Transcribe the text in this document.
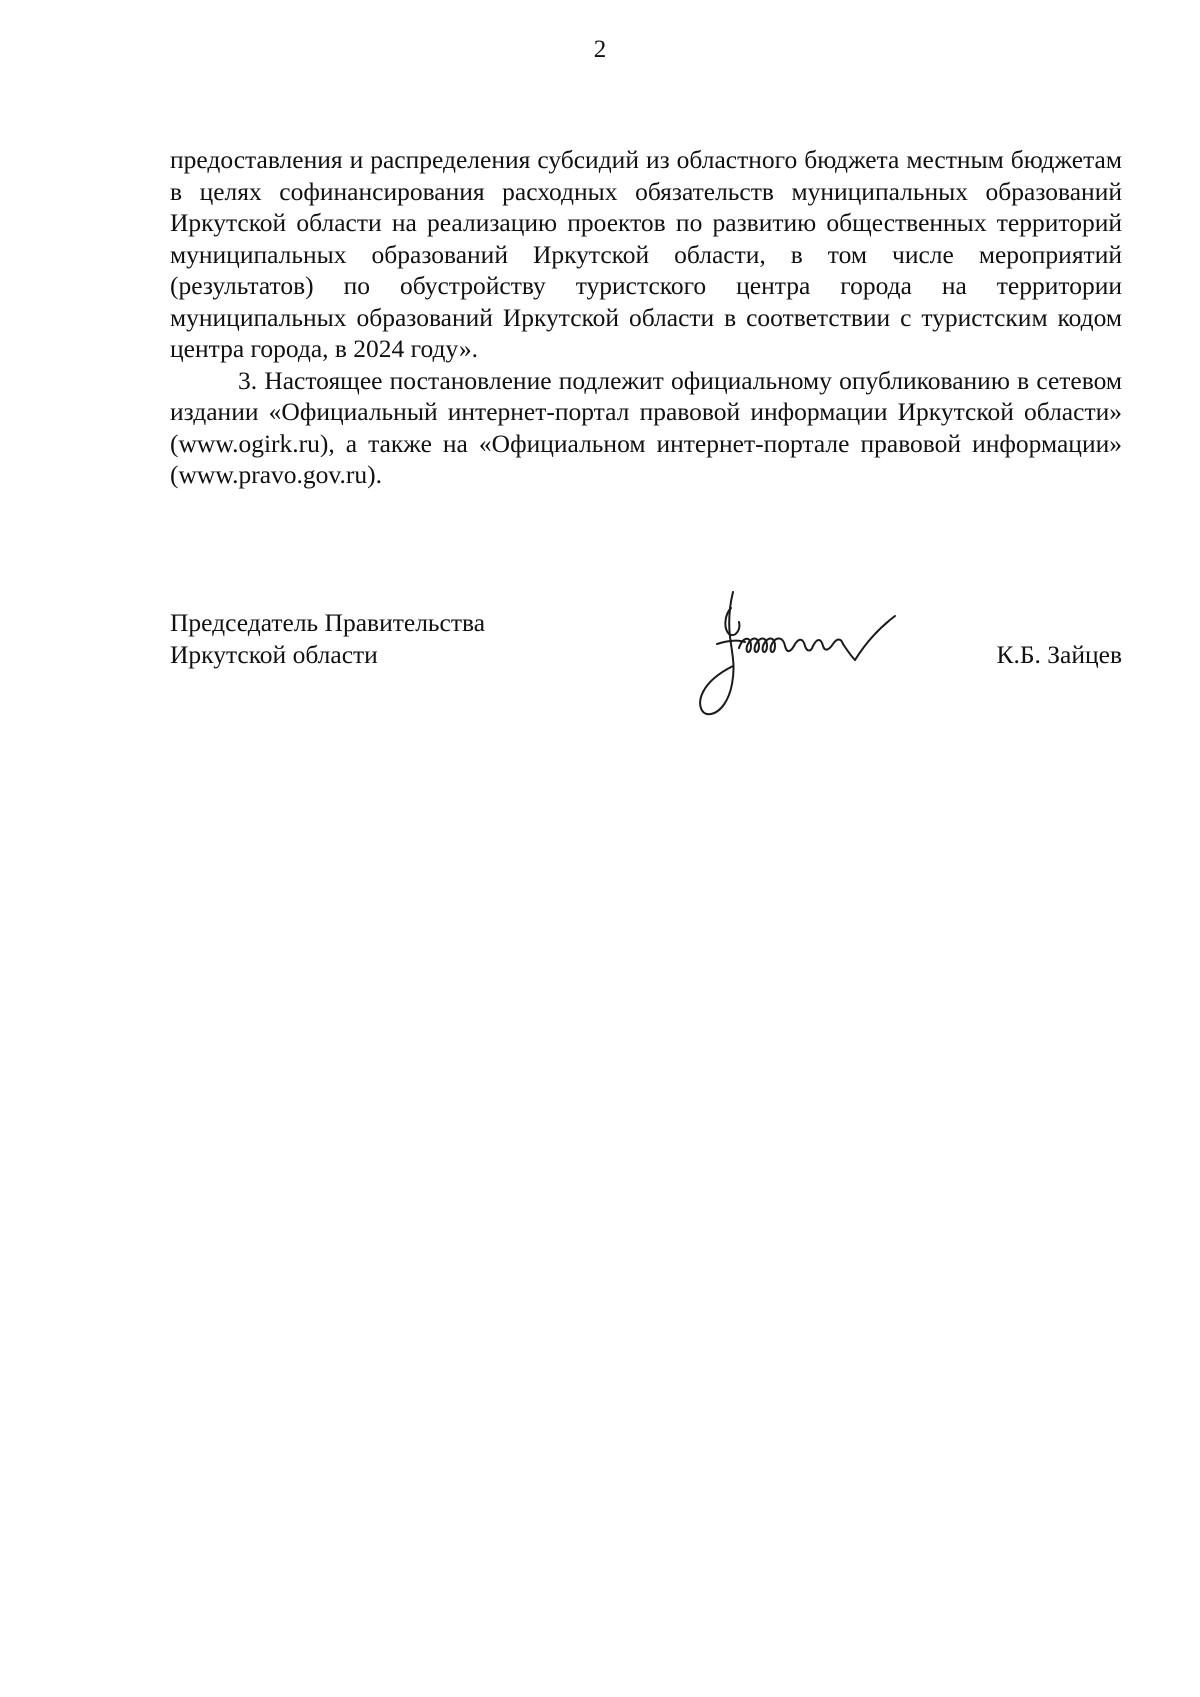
2

предоставления и распределения субсидий из областного бюджета местным бюджетам в целях софинансирования расходных обязательств муниципальных образований Иркутской области на реализацию проектов по развитию общественных территорий муниципальных образований Иркутской области, в том числе мероприятий (результатов) по обустройству туристского центра города на территории муниципальных образований Иркутской области в соответствии с туристским кодом центра города, в 2024 году».

3. Настоящее постановление подлежит официальному опубликованию в сетевом издании «Официальный интернет-портал правовой информации Иркутской области» (www.ogirk.ru), а также на «Официальном интернет-портале правовой информации» (www.pravo.gov.ru).

Председатель Правительства
Иркутской области	К.Б. Зайцев
